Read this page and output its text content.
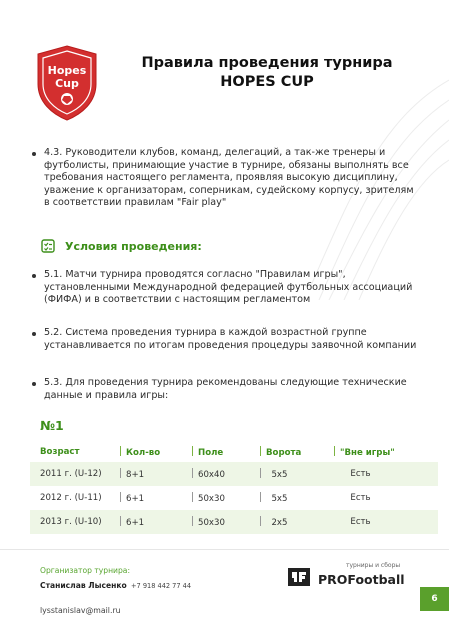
Hopes
Cup
Правила проведения турнира
HOPES CUP
4.3. Руководители клубов, команд, делегаций, а так-же тренеры и футболисты, принимающие участие в турнире, обязаны выполнять все требования настоящего регламента, проявляя высокую дисциплину, уважение к организаторам, соперникам, судейскому корпусу, зрителям в соответствии правилам "Fair play"
Условия проведения:
5.1. Матчи турнира проводятся согласно "Правилам игры", установленными Международной федерацией футбольных ассоциаций (ФИФА) и в соответствии с настоящим регламентом
5.2. Система проведения турнира в каждой возрастной группе устанавливается по итогам проведения процедуры заявочной компании
5.3. Для проведения турнира рекомендованы следующие технические данные и правила игры:
№1
Возраст	Кол-во	Поле	Ворота	"Вне игры"
2011 г. (U-12)	8+1	60x40	5x5	Есть
2012 г. (U-11)	6+1	50x30	5x5	Есть
2013 г. (U-10)	6+1	50x30	2x5	Есть
Организатор турнира:
Станислав Лысенко +7 918 442 77 44
lysstanislav@mail.ru
турниры и сборы
PROFootball
6
